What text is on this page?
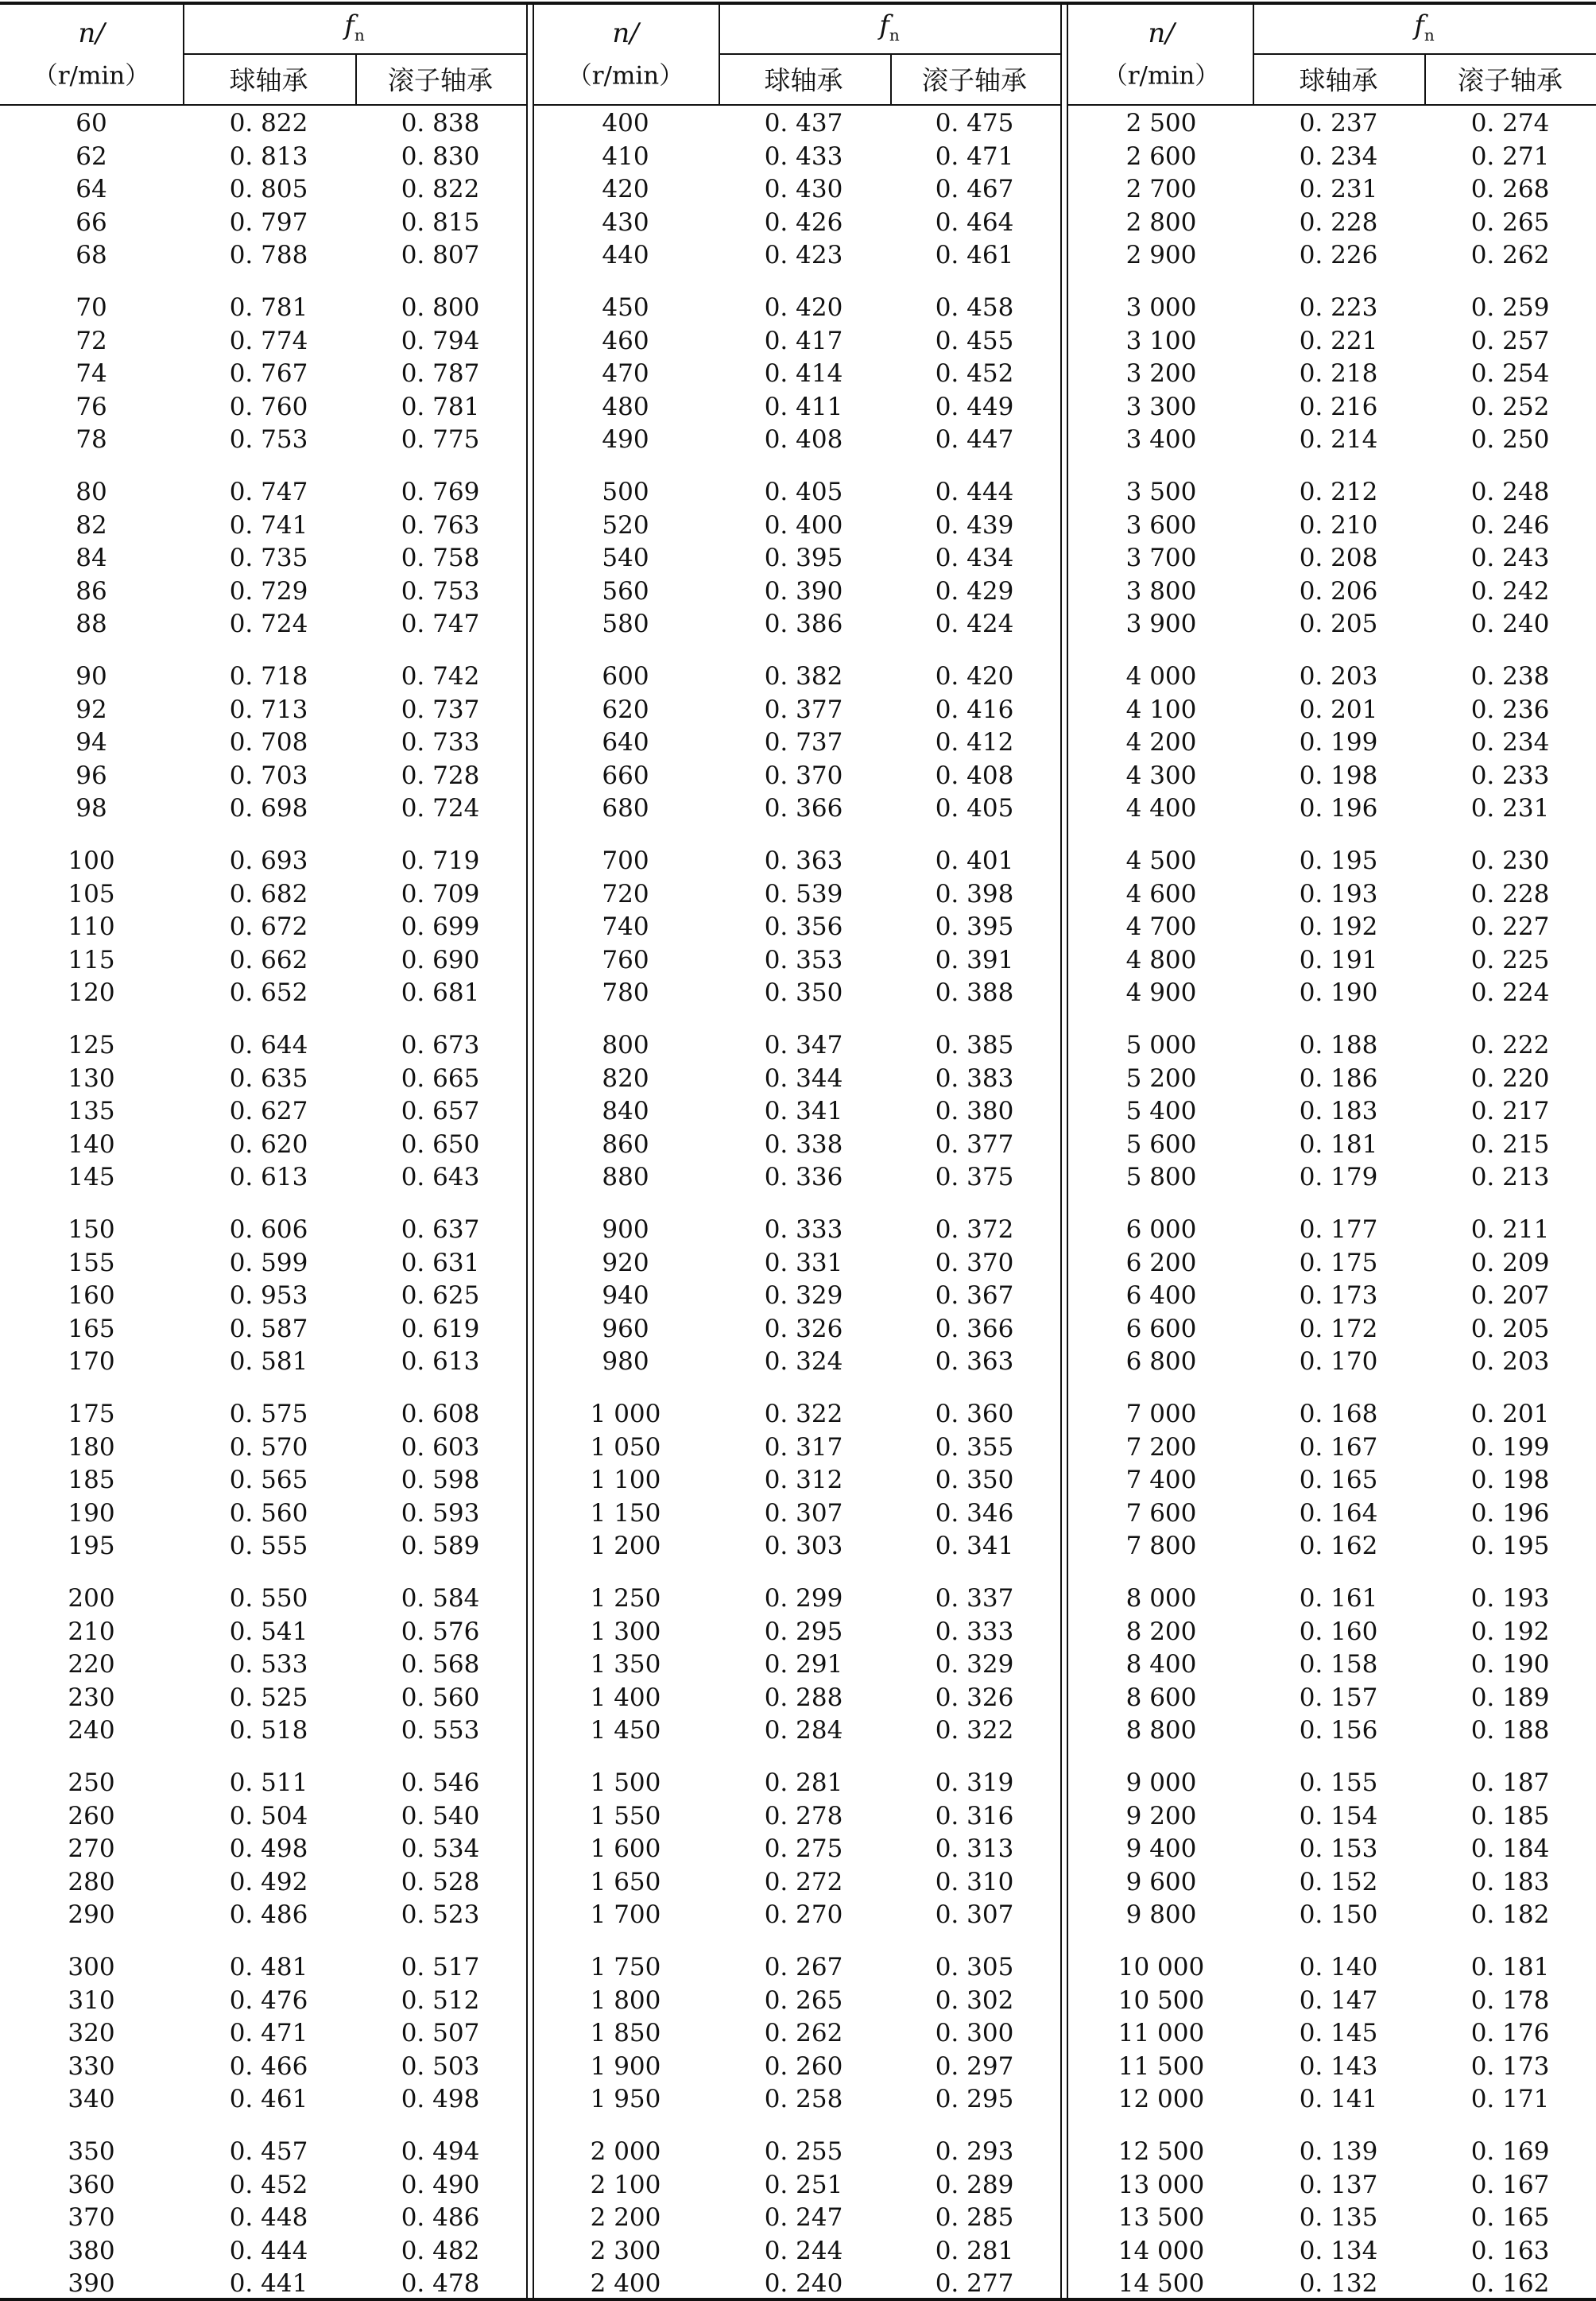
n/
（r/min）
$f_n$
球轴承	滚子轴承
60	0. 822	0. 838
62	0. 813	0. 830
64	0. 805	0. 822
66	0. 797	0. 815
68	0. 788	0. 807
70	0. 781	0. 800
72	0. 774	0. 794
74	0. 767	0. 787
76	0. 760	0. 781
78	0. 753	0. 775
80	0. 747	0. 769
82	0. 741	0. 763
84	0. 735	0. 758
86	0. 729	0. 753
88	0. 724	0. 747
90	0. 718	0. 742
92	0. 713	0. 737
94	0. 708	0. 733
96	0. 703	0. 728
98	0. 698	0. 724
100	0. 693	0. 719
105	0. 682	0. 709
110	0. 672	0. 699
115	0. 662	0. 690
120	0. 652	0. 681
125	0. 644	0. 673
130	0. 635	0. 665
135	0. 627	0. 657
140	0. 620	0. 650
145	0. 613	0. 643
150	0. 606	0. 637
155	0. 599	0. 631
160	0. 953	0. 625
165	0. 587	0. 619
170	0. 581	0. 613
175	0. 575	0. 608
180	0. 570	0. 603
185	0. 565	0. 598
190	0. 560	0. 593
195	0. 555	0. 589
200	0. 550	0. 584
210	0. 541	0. 576
220	0. 533	0. 568
230	0. 525	0. 560
240	0. 518	0. 553
250	0. 511	0. 546
260	0. 504	0. 540
270	0. 498	0. 534
280	0. 492	0. 528
290	0. 486	0. 523
300	0. 481	0. 517
310	0. 476	0. 512
320	0. 471	0. 507
330	0. 466	0. 503
340	0. 461	0. 498
350	0. 457	0. 494
360	0. 452	0. 490
370	0. 448	0. 486
380	0. 444	0. 482
390	0. 441	0. 478
n/
（r/min）
$f_n$
球轴承	滚子轴承
400	0. 437	0. 475
410	0. 433	0. 471
420	0. 430	0. 467
430	0. 426	0. 464
440	0. 423	0. 461
450	0. 420	0. 458
460	0. 417	0. 455
470	0. 414	0. 452
480	0. 411	0. 449
490	0. 408	0. 447
500	0. 405	0. 444
520	0. 400	0. 439
540	0. 395	0. 434
560	0. 390	0. 429
580	0. 386	0. 424
600	0. 382	0. 420
620	0. 377	0. 416
640	0. 737	0. 412
660	0. 370	0. 408
680	0. 366	0. 405
700	0. 363	0. 401
720	0. 539	0. 398
740	0. 356	0. 395
760	0. 353	0. 391
780	0. 350	0. 388
800	0. 347	0. 385
820	0. 344	0. 383
840	0. 341	0. 380
860	0. 338	0. 377
880	0. 336	0. 375
900	0. 333	0. 372
920	0. 331	0. 370
940	0. 329	0. 367
960	0. 326	0. 366
980	0. 324	0. 363
1 000	0. 322	0. 360
1 050	0. 317	0. 355
1 100	0. 312	0. 350
1 150	0. 307	0. 346
1 200	0. 303	0. 341
1 250	0. 299	0. 337
1 300	0. 295	0. 333
1 350	0. 291	0. 329
1 400	0. 288	0. 326
1 450	0. 284	0. 322
1 500	0. 281	0. 319
1 550	0. 278	0. 316
1 600	0. 275	0. 313
1 650	0. 272	0. 310
1 700	0. 270	0. 307
1 750	0. 267	0. 305
1 800	0. 265	0. 302
1 850	0. 262	0. 300
1 900	0. 260	0. 297
1 950	0. 258	0. 295
2 000	0. 255	0. 293
2 100	0. 251	0. 289
2 200	0. 247	0. 285
2 300	0. 244	0. 281
2 400	0. 240	0. 277
n/
（r/min）
$f_n$
球轴承	滚子轴承
2 500	0. 237	0. 274
2 600	0. 234	0. 271
2 700	0. 231	0. 268
2 800	0. 228	0. 265
2 900	0. 226	0. 262
3 000	0. 223	0. 259
3 100	0. 221	0. 257
3 200	0. 218	0. 254
3 300	0. 216	0. 252
3 400	0. 214	0. 250
3 500	0. 212	0. 248
3 600	0. 210	0. 246
3 700	0. 208	0. 243
3 800	0. 206	0. 242
3 900	0. 205	0. 240
4 000	0. 203	0. 238
4 100	0. 201	0. 236
4 200	0. 199	0. 234
4 300	0. 198	0. 233
4 400	0. 196	0. 231
4 500	0. 195	0. 230
4 600	0. 193	0. 228
4 700	0. 192	0. 227
4 800	0. 191	0. 225
4 900	0. 190	0. 224
5 000	0. 188	0. 222
5 200	0. 186	0. 220
5 400	0. 183	0. 217
5 600	0. 181	0. 215
5 800	0. 179	0. 213
6 000	0. 177	0. 211
6 200	0. 175	0. 209
6 400	0. 173	0. 207
6 600	0. 172	0. 205
6 800	0. 170	0. 203
7 000	0. 168	0. 201
7 200	0. 167	0. 199
7 400	0. 165	0. 198
7 600	0. 164	0. 196
7 800	0. 162	0. 195
8 000	0. 161	0. 193
8 200	0. 160	0. 192
8 400	0. 158	0. 190
8 600	0. 157	0. 189
8 800	0. 156	0. 188
9 000	0. 155	0. 187
9 200	0. 154	0. 185
9 400	0. 153	0. 184
9 600	0. 152	0. 183
9 800	0. 150	0. 182
10 000	0. 140	0. 181
10 500	0. 147	0. 178
11 000	0. 145	0. 176
11 500	0. 143	0. 173
12 000	0. 141	0. 171
12 500	0. 139	0. 169
13 000	0. 137	0. 167
13 500	0. 135	0. 165
14 000	0. 134	0. 163
14 500	0. 132	0. 162
